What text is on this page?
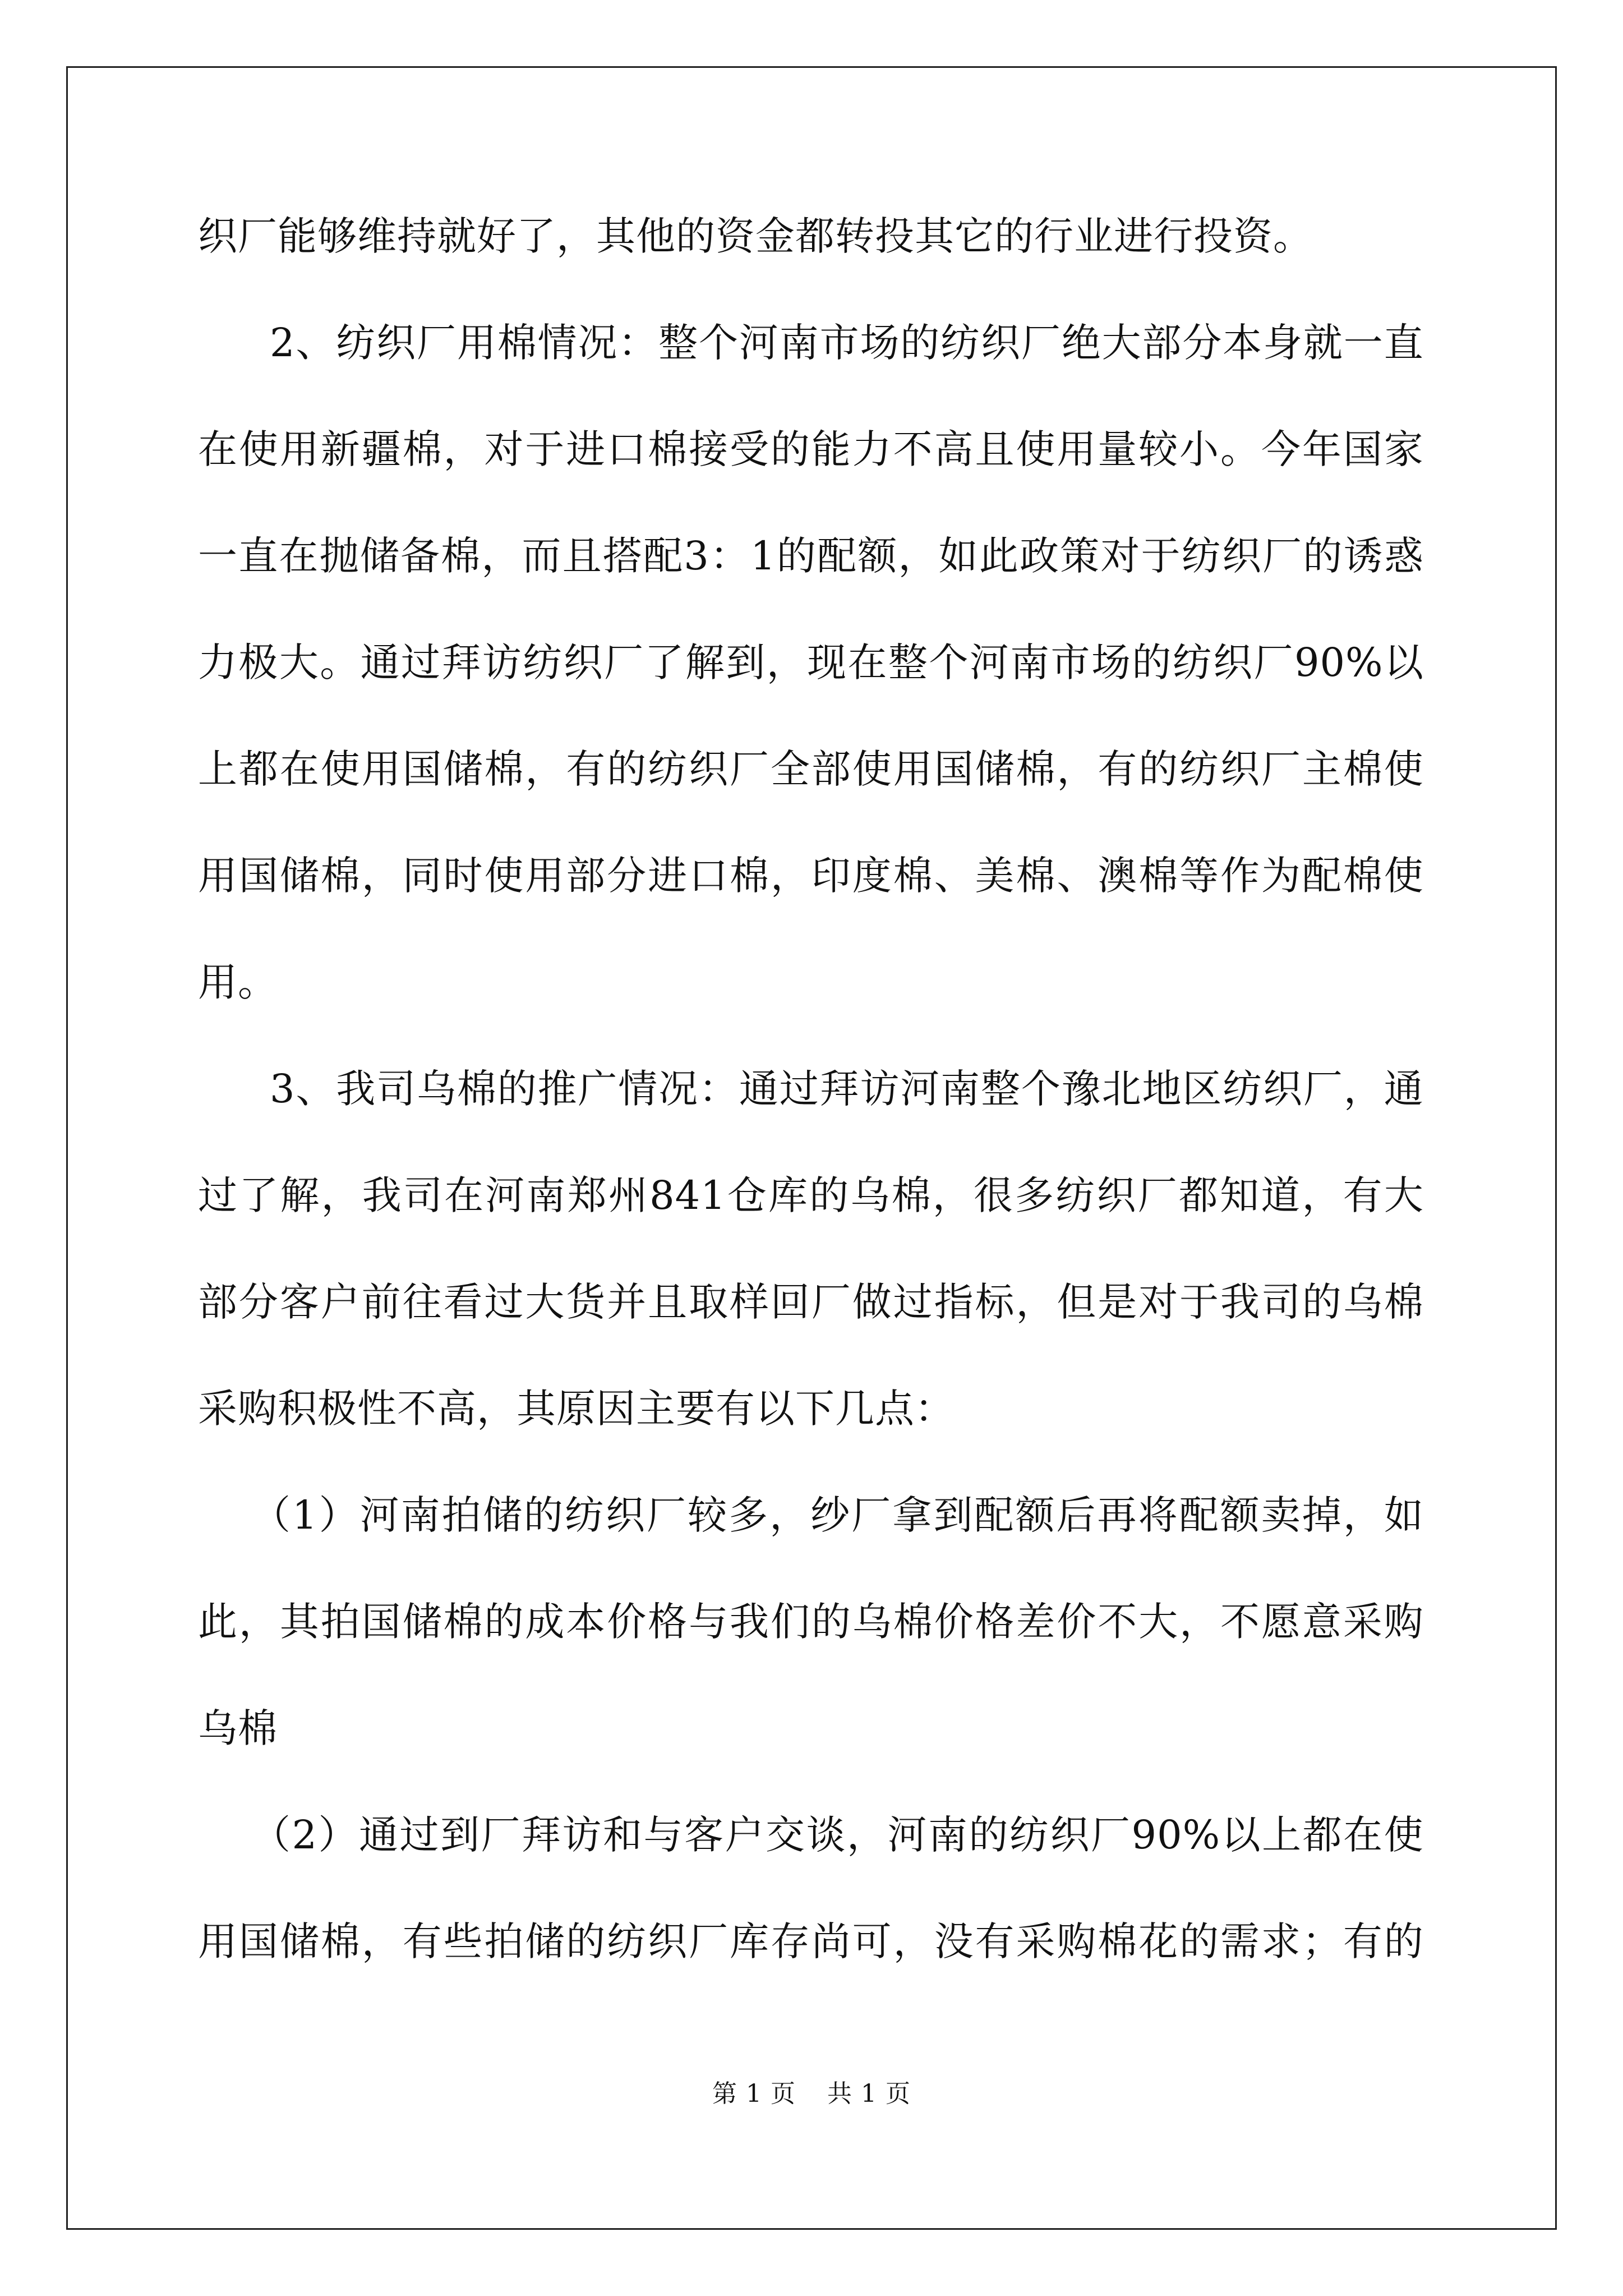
织厂能够维持就好了，其他的资金都转投其它的行业进行投资。
2 、 纺 织 厂 用 棉 情 况 ： 整 个 河 南 市 场 的 纺 织 厂 绝 大 部 分 本 身 就 一 直
在 使 用 新 疆 棉 ， 对 于 进 口 棉 接 受 的 能 力 不 高 且 使 用 量 较 小 。 今 年 国 家
一 直 在 抛 储 备 棉 ， 而 且 搭 配 3 ： 1 的 配 额 ， 如 此 政 策 对 于 纺 织 厂 的 诱 惑
力 极 大 。 通 过 拜 访 纺 织 厂 了 解 到 ， 现 在 整 个 河 南 市 场 的 纺 织 厂 90% 以
上 都 在 使 用 国 储 棉 ， 有 的 纺 织 厂 全 部 使 用 国 储 棉 ， 有 的 纺 织 厂 主 棉 使
用 国 储 棉 ， 同 时 使 用 部 分 进 口 棉 ， 印 度 棉 、 美 棉 、 澳 棉 等 作 为 配 棉 使
用。
3 、 我 司 乌 棉 的 推 广 情 况 ： 通 过 拜 访 河 南 整 个 豫 北 地 区 纺 织 厂 ， 通
过 了 解 ， 我 司 在 河 南 郑 州 841 仓 库 的 乌 棉 ， 很 多 纺 织 厂 都 知 道 ， 有 大
部 分 客 户 前 往 看 过 大 货 并 且 取 样 回 厂 做 过 指 标 ， 但 是 对 于 我 司 的 乌 棉
采购积极性不高，其原因主要有以下几点：
（ 1 ） 河 南 拍 储 的 纺 织 厂 较 多 ， 纱 厂 拿 到 配 额 后 再 将 配 额 卖 掉 ， 如
此 ， 其 拍 国 储 棉 的 成 本 价 格 与 我 们 的 乌 棉 价 格 差 价 不 大 ， 不 愿 意 采 购
乌棉
（ 2 ） 通 过 到 厂 拜 访 和 与 客 户 交 谈 ， 河 南 的 纺 织 厂 90% 以 上 都 在 使
用 国 储 棉 ， 有 些 拍 储 的 纺 织 厂 库 存 尚 可 ， 没 有 采 购 棉 花 的 需 求 ； 有 的
第 1 页 共 1 页
